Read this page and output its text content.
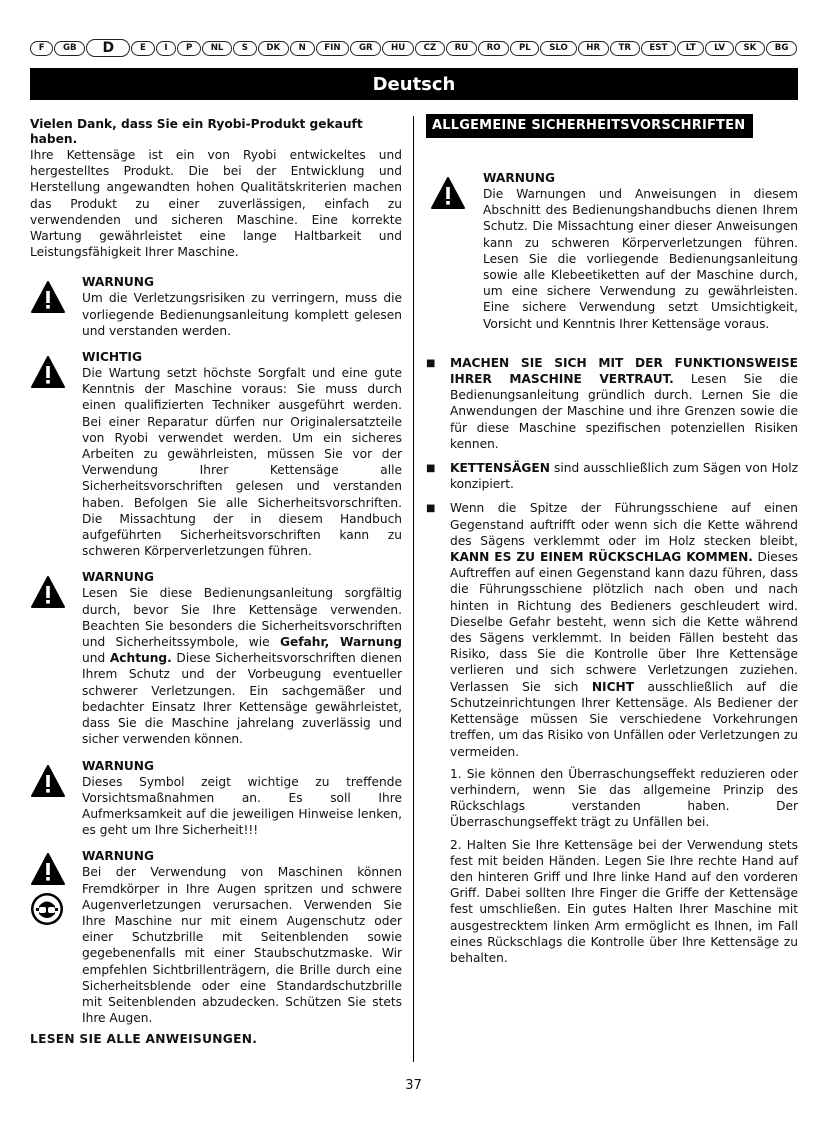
F	GB	D	E	I	P	NL	S	DK	N	FIN	GR	HU	CZ	RU	RO	PL	SLO	HR	TR	EST	LT	LV	SK	BG
Deutsch

Vielen Dank, dass Sie ein Ryobi-Produkt gekauft haben.

Ihre Kettensäge ist ein von Ryobi entwickeltes und hergestelltes Produkt. Die bei der Entwicklung und Herstellung angewandten hohen Qualitätskriterien machen das Produkt zu einer zuverlässigen, einfach zu verwendenden und sicheren Maschine. Eine korrekte Wartung gewährleistet eine lange Haltbarkeit und Leistungsfähigkeit Ihrer Maschine.

WARNUNG

Um die Verletzungsrisiken zu verringern, muss die vorliegende Bedienungsanleitung komplett gelesen und verstanden werden.

WICHTIG

Die Wartung setzt höchste Sorgfalt und eine gute Kenntnis der Maschine voraus: Sie muss durch einen qualifizierten Techniker ausgeführt werden. Bei einer Reparatur dürfen nur Originalersatzteile von Ryobi verwendet werden. Um ein sicheres Arbeiten zu gewährleisten, müssen Sie vor der Verwendung Ihrer Kettensäge alle Sicherheitsvorschriften gelesen und verstanden haben. Befolgen Sie alle Sicherheitsvorschriften. Die Missachtung der in diesem Handbuch aufgeführten Sicherheitsvorschriften kann zu schweren Körperverletzungen führen.

WARNUNG

Lesen Sie diese Bedienungsanleitung sorgfältig durch, bevor Sie Ihre Kettensäge verwenden. Beachten Sie besonders die Sicherheitsvorschriften und Sicherheitssymbole, wie Gefahr, Warnung und Achtung. Diese Sicherheitsvorschriften dienen Ihrem Schutz und der Vorbeugung eventueller schwerer Verletzungen. Ein sachgemäßer und bedachter Einsatz Ihrer Kettensäge gewährleistet, dass Sie die Maschine jahrelang zuverlässig und sicher verwenden können.

WARNUNG

Dieses Symbol zeigt wichtige zu treffende Vorsichtsmaßnahmen an. Es soll Ihre Aufmerksamkeit auf die jeweiligen Hinweise lenken, es geht um Ihre Sicherheit!!!

WARNUNG

Bei der Verwendung von Maschinen können Fremdkörper in Ihre Augen spritzen und schwere Augenverletzungen verursachen. Verwenden Sie Ihre Maschine nur mit einem Augenschutz oder einer Schutzbrille mit Seitenblenden sowie gegebenenfalls mit einer Staubschutzmaske. Wir empfehlen Sichtbrillenträgern, die Brille durch eine Sicherheitsblende oder eine Standardschutzbrille mit Seitenblenden abzudecken. Schützen Sie stets Ihre Augen.

LESEN SIE ALLE ANWEISUNGEN.
ALLGEMEINE SICHERHEITSVORSCHRIFTEN

WARNUNG

Die Warnungen und Anweisungen in diesem Abschnitt des Bedienungshandbuchs dienen Ihrem Schutz. Die Missachtung einer dieser Anweisungen kann zu schweren Körperverletzungen führen. Lesen Sie die vorliegende Bedienungsanleitung sowie alle Klebeetiketten auf der Maschine durch, um eine sichere Verwendung zu gewährleisten. Eine sichere Verwendung setzt Umsichtigkeit, Vorsicht und Kenntnis Ihrer Kettensäge voraus.

■	MACHEN SIE SICH MIT DER FUNKTIONSWEISE IHRER MASCHINE VERTRAUT. Lesen Sie die Bedienungsanleitung gründlich durch. Lernen Sie die Anwendungen der Maschine und ihre Grenzen sowie die für diese Maschine spezifischen potenziellen Risiken kennen.

■	KETTENSÄGEN sind ausschließlich zum Sägen von Holz konzipiert.

■	Wenn die Spitze der Führungsschiene auf einen Gegenstand auftrifft oder wenn sich die Kette während des Sägens verklemmt oder im Holz stecken bleibt, KANN ES ZU EINEM RÜCKSCHLAG KOMMEN. Dieses Auftreffen auf einen Gegenstand kann dazu führen, dass die Führungsschiene plötzlich nach oben und nach hinten in Richtung des Bedieners geschleudert wird. Dieselbe Gefahr besteht, wenn sich die Kette während des Sägens verklemmt. In beiden Fällen besteht das Risiko, dass Sie die Kontrolle über Ihre Kettensäge verlieren und sich schwere Verletzungen zuziehen. Verlassen Sie sich NICHT ausschließlich auf die Schutzeinrichtungen Ihrer Kettensäge. Als Bediener der Kettensäge müssen Sie verschiedene Vorkehrungen treffen, um das Risiko von Unfällen oder Verletzungen zu vermeiden.

1. Sie können den Überraschungseffekt reduzieren oder verhindern, wenn Sie das allgemeine Prinzip des Rückschlags verstanden haben. Der Überraschungseffekt trägt zu Unfällen bei.

2. Halten Sie Ihre Kettensäge bei der Verwendung stets fest mit beiden Händen. Legen Sie Ihre rechte Hand auf den hinteren Griff und Ihre linke Hand auf den vorderen Griff. Dabei sollten Ihre Finger die Griffe der Kettensäge fest umschließen. Ein gutes Halten Ihrer Maschine mit ausgestrecktem linken Arm ermöglicht es Ihnen, im Fall eines Rückschlags die Kontrolle über Ihre Kettensäge zu behalten.

37
